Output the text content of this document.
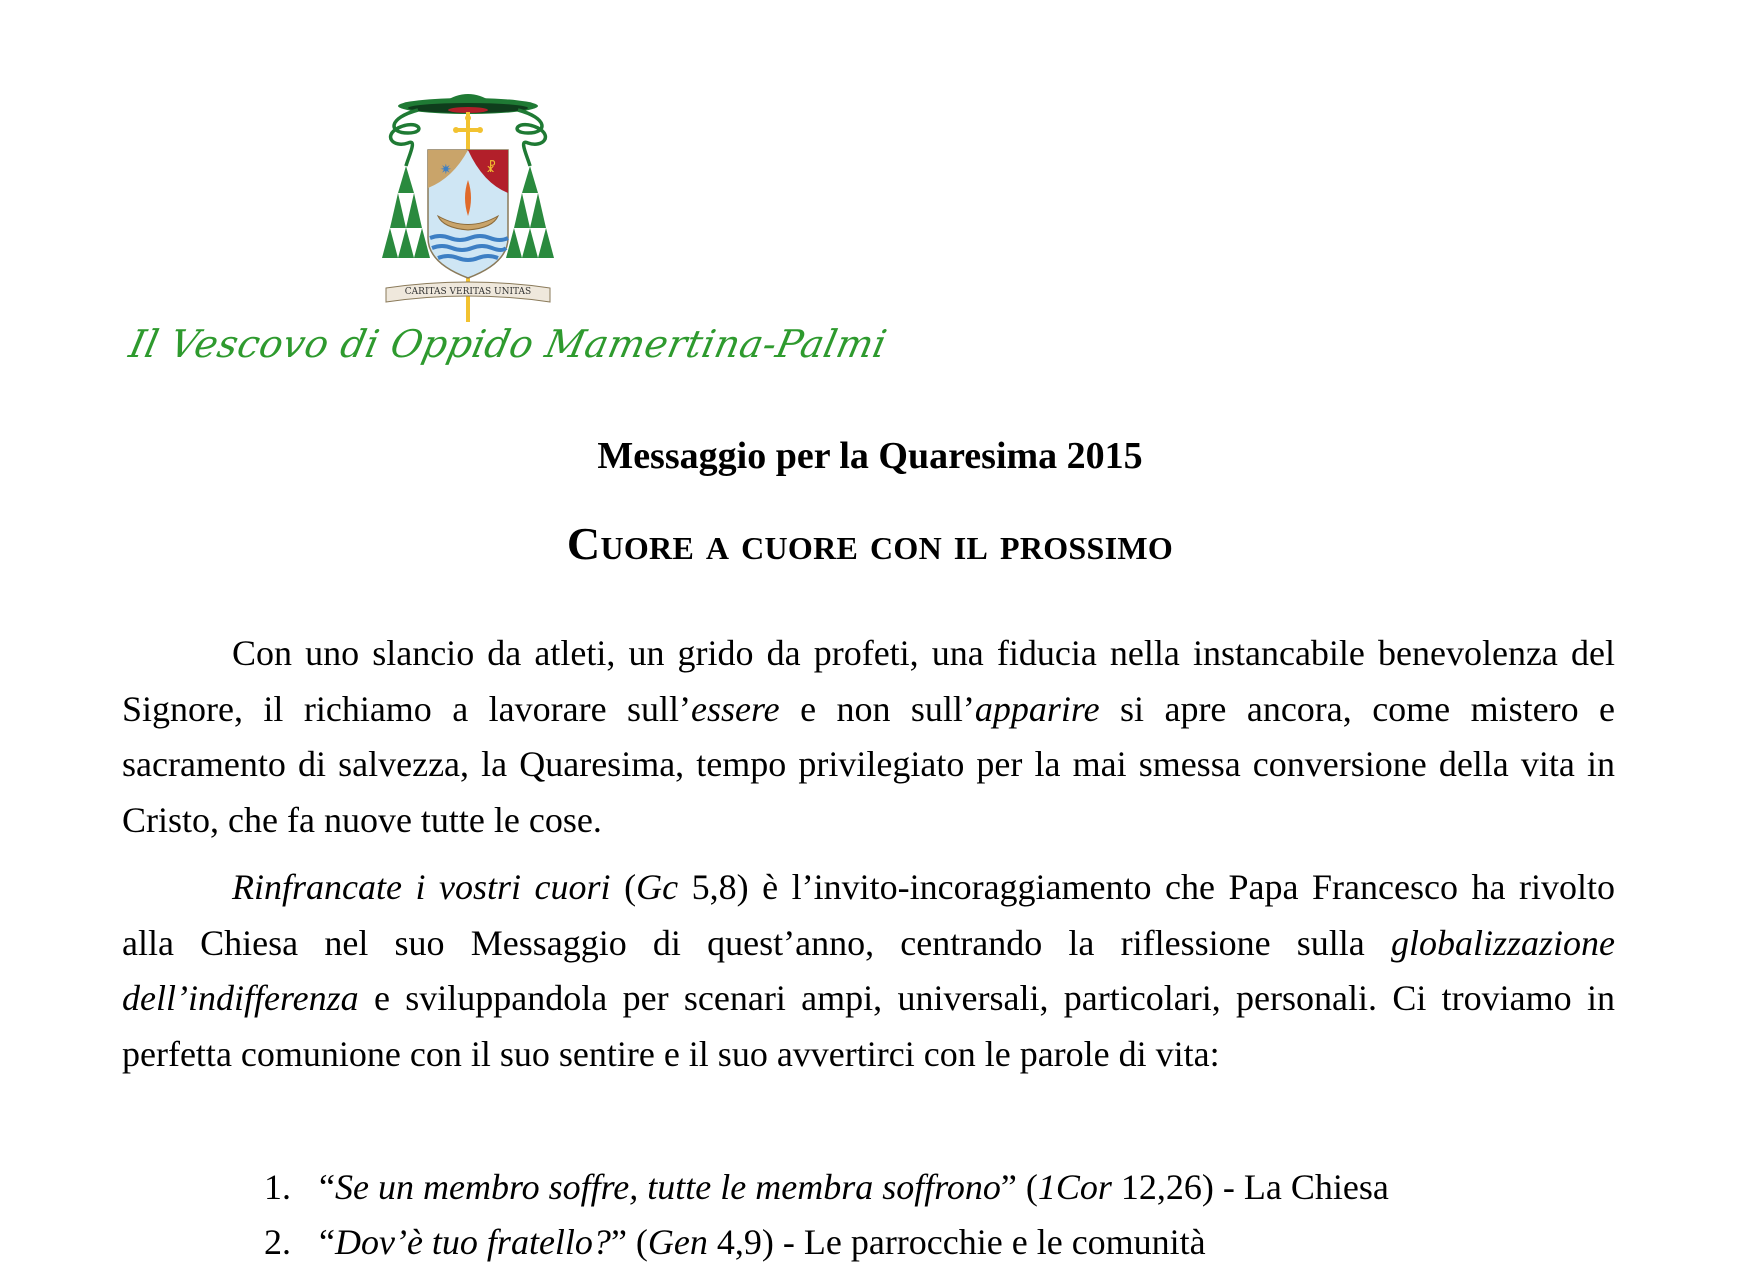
✷	☧
CARITAS VERITAS UNITAS
Il Vescovo di Oppido Mamertina-Palmi
Messaggio per la Quaresima 2015
Cuore a cuore con il prossimo

Con uno slancio da atleti, un grido da profeti, una fiducia nella instancabile benevolenza del Signore, il richiamo a lavorare sull’essere e non sull’apparire si apre ancora, come mistero e sacramento di salvezza, la Quaresima, tempo privilegiato per la mai smessa conversione della vita in Cristo, che fa nuove tutte le cose.

Rinfrancate i vostri cuori (Gc 5,8) è l’invito-incoraggiamento che Papa Francesco ha rivolto alla Chiesa nel suo Messaggio di quest’anno, centrando la riflessione sulla globalizzazione dell’indifferenza e sviluppandola per scenari ampi, universali, particolari, personali. Ci troviamo in perfetta comunione con il suo sentire e il suo avvertirci con le parole di vita:

1. “Se un membro soffre, tutte le membra soffrono” (1Cor 12,26) - La Chiesa
2. “Dov’è tuo fratello?” (Gen 4,9) - Le parrocchie e le comunità
